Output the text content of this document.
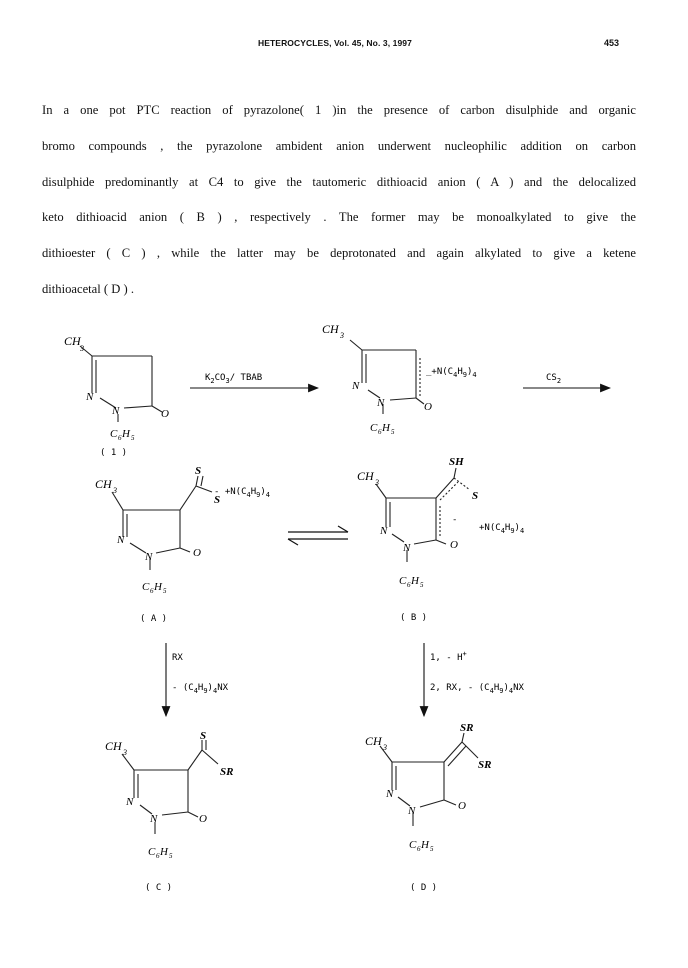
HETEROCYCLES, Vol. 45, No. 3, 1997	453
In a one pot PTC reaction of pyrazolone( 1 )in the presence of carbon disulphide and organic
bromo compounds , the pyrazolone ambident anion underwent nucleophilic addition on carbon
disulphide predominantly at C4 to give the tautomeric dithioacid anion ( A ) and the delocalized
keto dithioacid anion ( B ) , respectively . The former may be monoalkylated to give the
dithioester ( C ) , while the latter may be deprotonated and again alkylated to give a ketene
dithioacetal ( D ) .
CH
3
N
N	O
C 6 H 5
( 1 )
$K_2CO_3/$ TBAB
CH 3
N
N	O
C 6 H 5
$\_+N(C_4H_9)_4$	$CS_2$
CH 3
S
S
N
N	O
C 6 H 5
- $+N(C_4H_9)_4$
( A )
SH
S
CH 3
N
N	O
C 6 H 5
-
$+N(C_4H_9)_4$
( B )
RX
- $(C_4H_9)_4NX$
1, - H+
2, RX, - $(C_4H_9)_4NX$
S
SR
CH 3
N
N	O
C 6 H 5
( C )
SR
SR
CH 3
N
N	O
C 6 H 5
( D )
